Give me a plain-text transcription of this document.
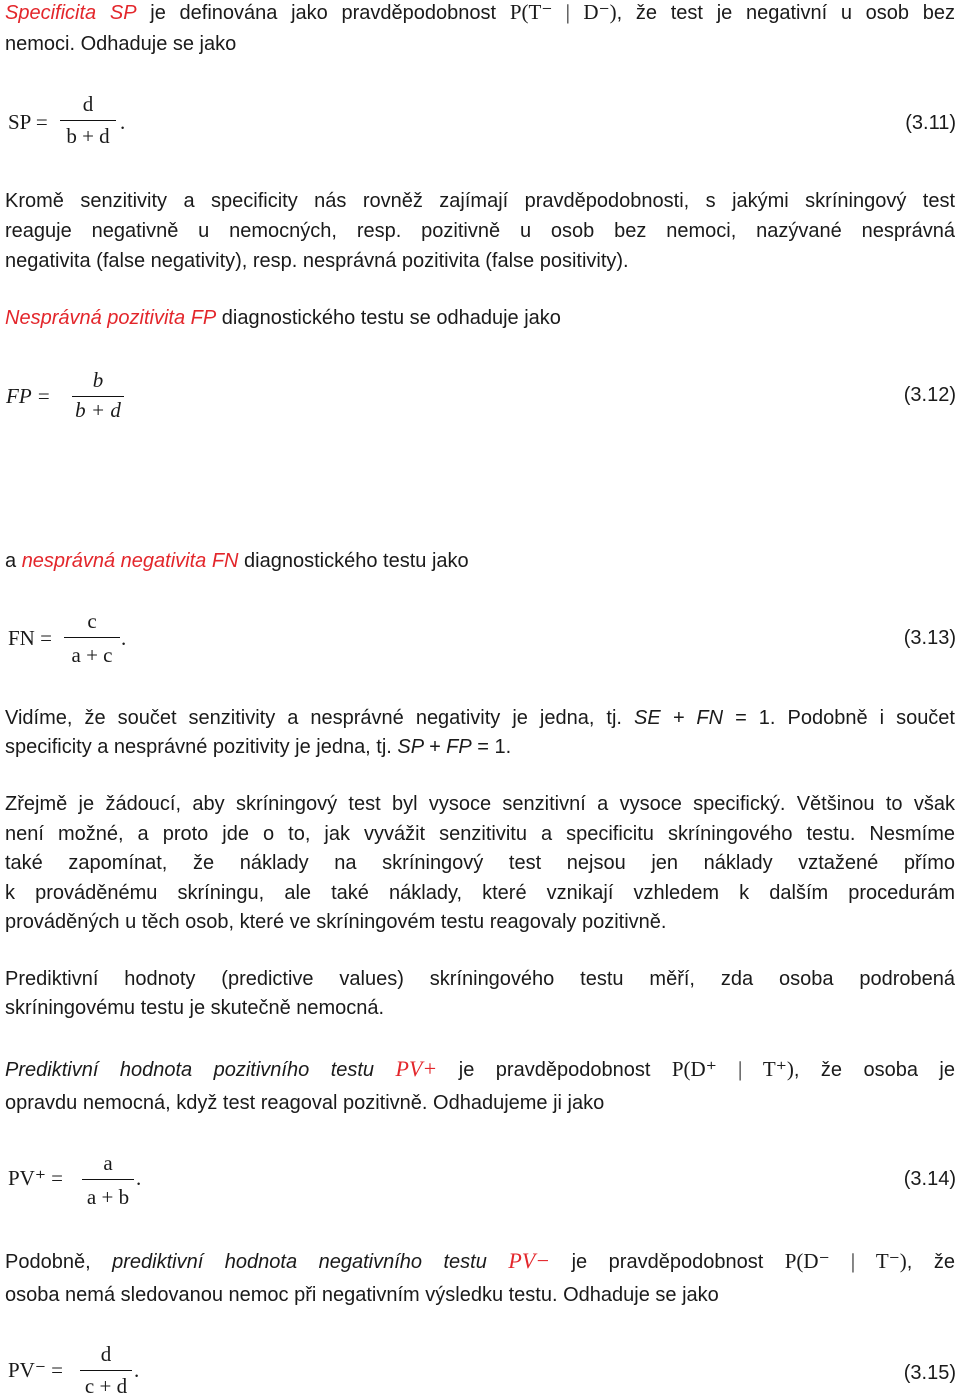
Specificita SP je definována jako pravděpodobnost P(T⁻ | D⁻), že test je negativní u osob bez
nemoci. Odhaduje se jako
SP =
d
b + d
.	(3.11)
Kromě senzitivity a specificity nás rovněž zajímají pravděpodobnosti, s jakými skríningový test
reaguje negativně u nemocných, resp. pozitivně u osob bez nemoci, nazývané nesprávná
negativita (false negativity), resp. nesprávná pozitivita (false positivity).
Nesprávná pozitivita FP diagnostického testu se odhaduje jako
FP =
b
b + d
(3.12)
a nesprávná negativita FN diagnostického testu jako
FN =
c
a + c
.	(3.13)
Vidíme, že součet senzitivity a nesprávné negativity je jedna, tj. SE + FN = 1. Podobně i součet
specificity a nesprávné pozitivity je jedna, tj. SP + FP = 1.
Zřejmě je žádoucí, aby skríningový test byl vysoce senzitivní a vysoce specifický. Většinou to však
není možné, a proto jde o to, jak vyvážit senzitivitu a specificitu skríningového testu. Nesmíme
také zapomínat, že náklady na skríningový test nejsou jen náklady vztažené přímo
k prováděnému skríningu, ale také náklady, které vznikají vzhledem k dalším procedurám
prováděných u těch osob, které ve skríningovém testu reagovaly pozitivně.
Prediktivní hodnoty (predictive values) skríningového testu měří, zda osoba podrobená
skríningovému testu je skutečně nemocná.
Prediktivní hodnota pozitivního testu PV+ je pravděpodobnost P(D⁺ | T⁺), že osoba je
opravdu nemocná, když test reagoval pozitivně. Odhadujeme ji jako
PV⁺ =
a
a + b
.	(3.14)
Podobně, prediktivní hodnota negativního testu PV− je pravděpodobnost P(D⁻ | T⁻), že
osoba nemá sledovanou nemoc při negativním výsledku testu. Odhaduje se jako
PV⁻ =
d
c + d
.	(3.15)
